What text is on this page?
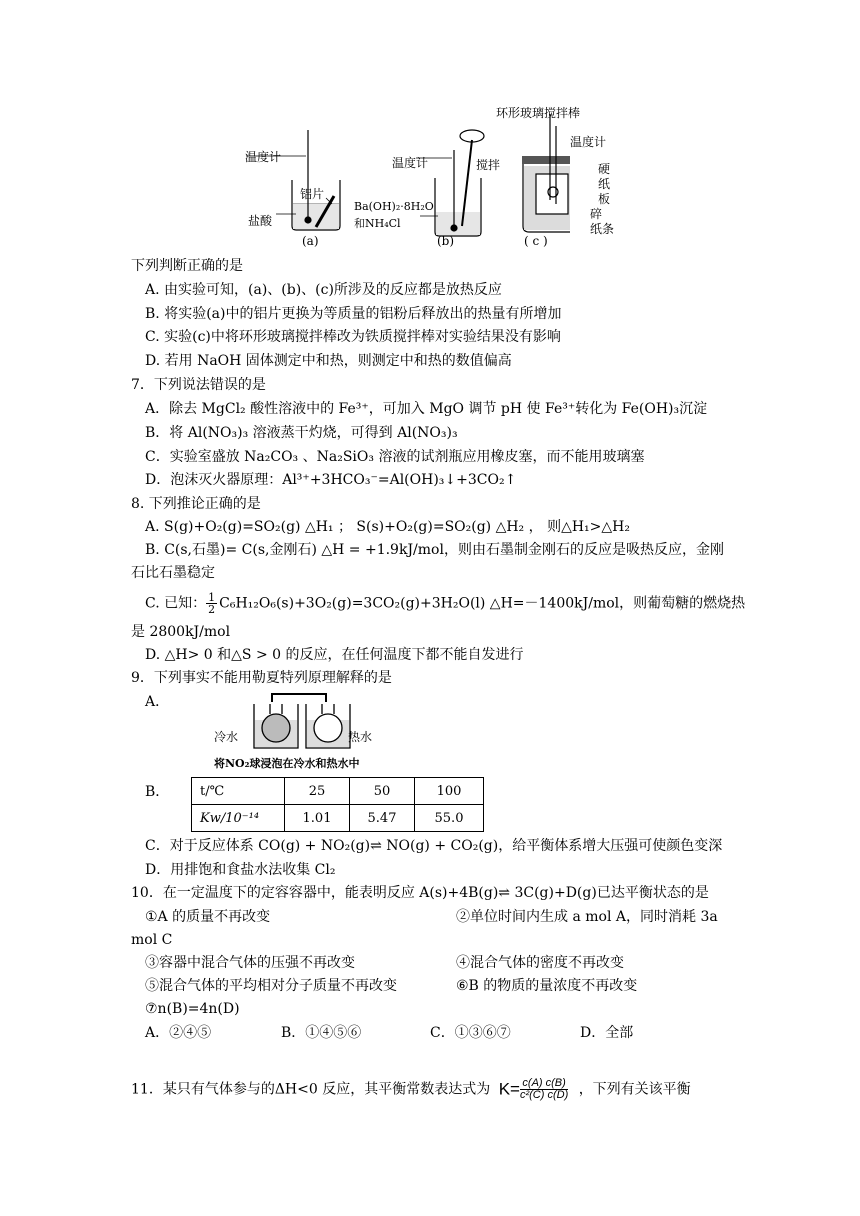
温度计
铝片
盐酸
(a)
温度计	搅拌
Ba(OH)₂·8H₂O
和NH₄Cl
(b)
环形玻璃搅拌棒
温度计
硬
纸
板
碎
纸条
( c )
下列判断正确的是
A. 由实验可知，(a)、(b)、(c)所涉及的反应都是放热反应
B. 将实验(a)中的铝片更换为等质量的铝粉后释放出的热量有所增加
C. 实验(c)中将环形玻璃搅拌棒改为铁质搅拌棒对实验结果没有影响
D. 若用 NaOH 固体测定中和热，则测定中和热的数值偏高
7．下列说法错误的是
A．除去 MgCl₂ 酸性溶液中的 Fe³⁺，可加入 MgO 调节 pH 使 Fe³⁺转化为 Fe(OH)₃沉淀
B．将 Al(NO₃)₃ 溶液蒸干灼烧，可得到 Al(NO₃)₃
C．实验室盛放 Na₂CO₃ 、Na₂SiO₃ 溶液的试剂瓶应用橡皮塞，而不能用玻璃塞
D．泡沫灭火器原理：Al³⁺+3HCO₃⁻=Al(OH)₃↓+3CO₂↑
8. 下列推论正确的是
A. S(g)+O₂(g)=SO₂(g) △H₁ ； S(s)+O₂(g)=SO₂(g) △H₂ ， 则△H₁>△H₂
B. C(s,石墨)= C(s,金刚石) △H = +1.9kJ/mol，则由石墨制金刚石的反应是吸热反应，金刚
石比石墨稳定
C. 已知： $\frac{1}{2} C_6H_{12}O_6(s)+3O_2(g)=3CO_2(g)+3H_2O(l)$ △H=－1400kJ/mol，则葡萄糖的燃烧热
是 2800kJ/mol
D. △H> 0 和△S > 0 的反应，在任何温度下都不能自发进行
9．下列事实不能用勒夏特列原理解释的是
A．
冷水	热水
将NO₂球浸泡在冷水和热水中
B． t/℃	25	50	100
Kw/10⁻¹⁴	1.01	5.47	55.0
C．对于反应体系 CO(g) + NO₂(g)⇌ NO(g) + CO₂(g)，给平衡体系增大压强可使颜色变深
D．用排饱和食盐水法收集 Cl₂
10．在一定温度下的定容容器中，能表明反应 A(s)+4B(g)⇌ 3C(g)+D(g)已达平衡状态的是
①A 的质量不再改变	②单位时间内生成 a mol A，同时消耗 3a
mol C
③容器中混合气体的压强不再改变	④混合气体的密度不再改变
⑤混合气体的平均相对分子质量不再改变	⑥B 的物质的量浓度不再改变
⑦n(B)=4n(D)
A．②④⑤	B．①④⑤⑥	C．①③⑥⑦	D．全部
11．某只有气体参与的ΔH<0 反应，其平衡常数表达式为 $K= \frac{c(A) c(B)}{\text{c²(C) c(D)}}$ ，下列有关该平衡
